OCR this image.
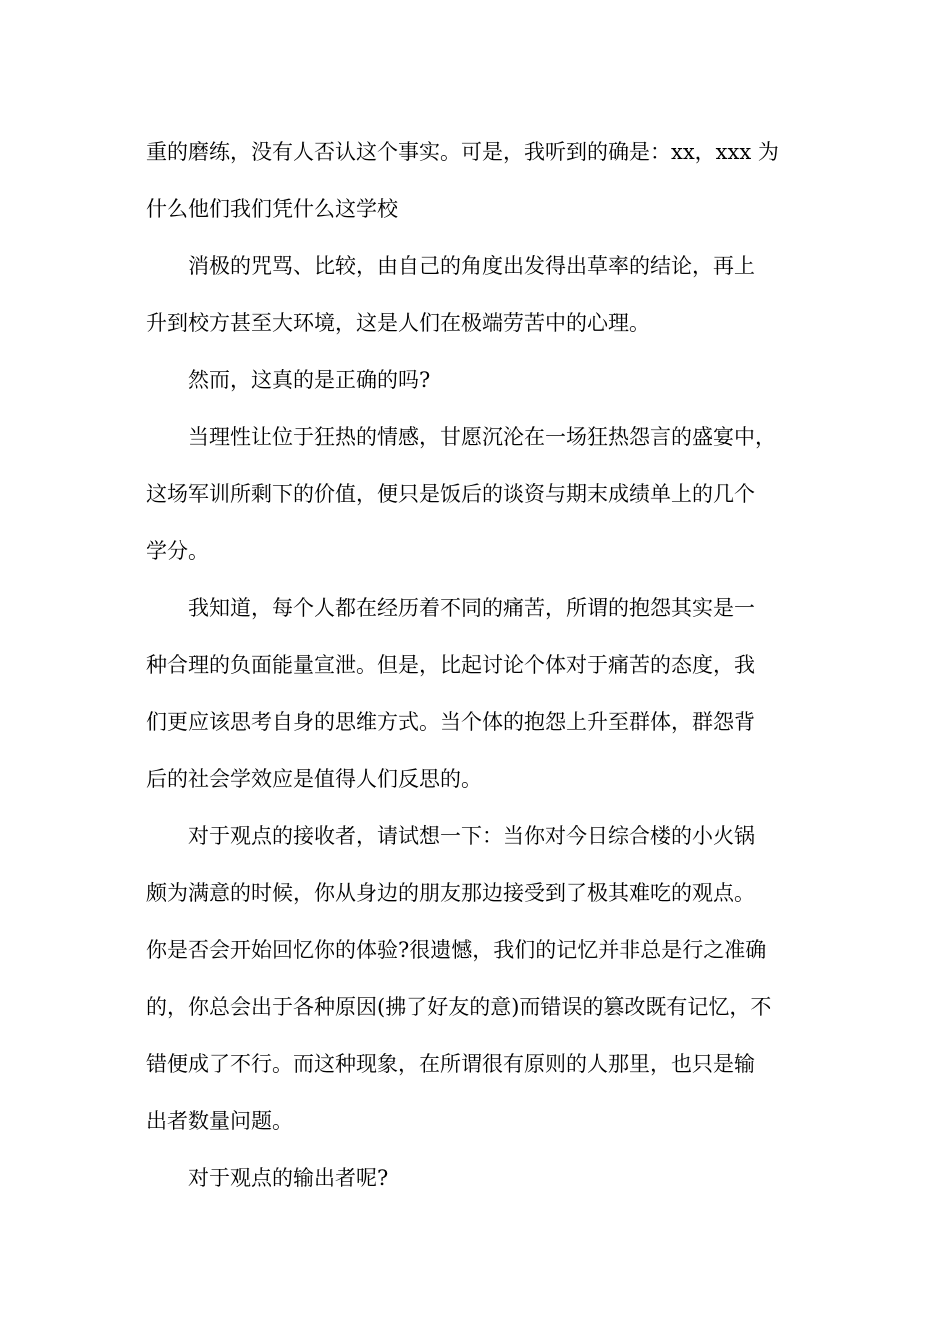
重的磨练，没有人否认这个事实。可是，我听到的确是：xx，xxx 为
什么他们我们凭什么这学校
消极的咒骂、比较，由自己的角度出发得出草率的结论，再上
升到校方甚至大环境，这是人们在极端劳苦中的心理。
然而，这真的是正确的吗?
当理性让位于狂热的情感，甘愿沉沦在一场狂热怨言的盛宴中，
这场军训所剩下的价值，便只是饭后的谈资与期末成绩单上的几个
学分。
我知道，每个人都在经历着不同的痛苦，所谓的抱怨其实是一
种合理的负面能量宣泄。但是，比起讨论个体对于痛苦的态度，我
们更应该思考自身的思维方式。当个体的抱怨上升至群体，群怨背
后的社会学效应是值得人们反思的。
对于观点的接收者，请试想一下：当你对今日综合楼的小火锅
颇为满意的时候，你从身边的朋友那边接受到了极其难吃的观点。
你是否会开始回忆你的体验?很遗憾，我们的记忆并非总是行之准确
的，你总会出于各种原因(拂了好友的意)而错误的篡改既有记忆，不
错便成了不行。而这种现象，在所谓很有原则的人那里，也只是输
出者数量问题。
对于观点的输出者呢?
